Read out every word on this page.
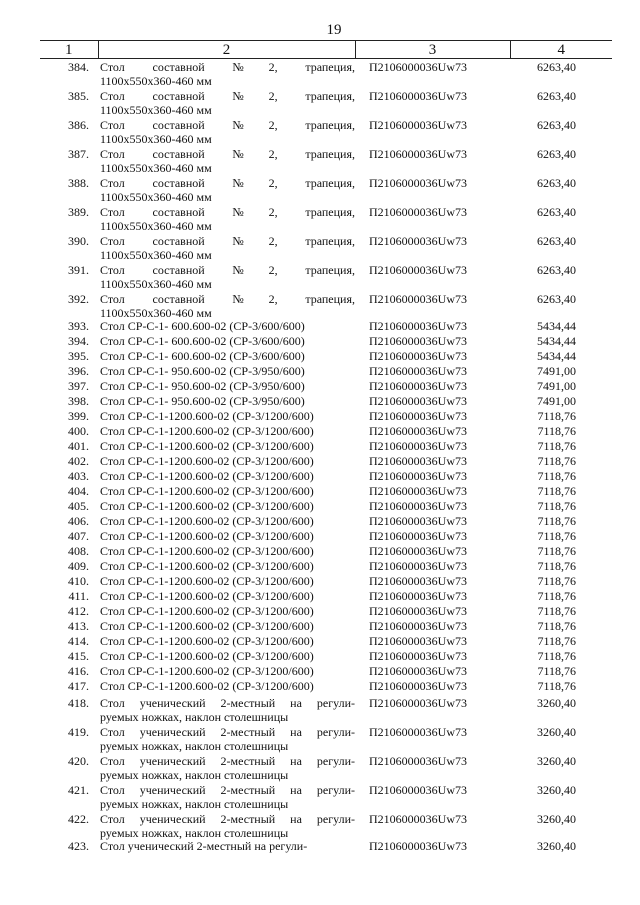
19
1	2	3	4
384.	Стол составной №2, трапеция,
1100x550x360-460 мм	П2106000036Uw73	6263,40
385.	Стол составной №2, трапеция,
1100x550x360-460 мм	П2106000036Uw73	6263,40
386.	Стол составной №2, трапеция,
1100x550x360-460 мм	П2106000036Uw73	6263,40
387.	Стол составной №2, трапеция,
1100x550x360-460 мм	П2106000036Uw73	6263,40
388.	Стол составной №2, трапеция,
1100x550x360-460 мм	П2106000036Uw73	6263,40
389.	Стол составной №2, трапеция,
1100x550x360-460 мм	П2106000036Uw73	6263,40
390.	Стол составной №2, трапеция,
1100x550x360-460 мм	П2106000036Uw73	6263,40
391.	Стол составной №2, трапеция,
1100x550x360-460 мм	П2106000036Uw73	6263,40
392.	Стол составной №2, трапеция,
1100x550x360-460 мм	П2106000036Uw73	6263,40
393.	Стол СР-С-1- 600.600-02 (СР-3/600/600)	П2106000036Uw73	5434,44
394.	Стол СР-С-1- 600.600-02 (СР-3/600/600)	П2106000036Uw73	5434,44
395.	Стол СР-С-1- 600.600-02 (СР-3/600/600)	П2106000036Uw73	5434,44
396.	Стол СР-С-1- 950.600-02 (СР-3/950/600)	П2106000036Uw73	7491,00
397.	Стол СР-С-1- 950.600-02 (СР-3/950/600)	П2106000036Uw73	7491,00
398.	Стол СР-С-1- 950.600-02 (СР-3/950/600)	П2106000036Uw73	7491,00
399.	Стол СР-С-1-1200.600-02 (СР-3/1200/600)	П2106000036Uw73	7118,76
400.	Стол СР-С-1-1200.600-02 (СР-3/1200/600)	П2106000036Uw73	7118,76
401.	Стол СР-С-1-1200.600-02 (СР-3/1200/600)	П2106000036Uw73	7118,76
402.	Стол СР-С-1-1200.600-02 (СР-3/1200/600)	П2106000036Uw73	7118,76
403.	Стол СР-С-1-1200.600-02 (СР-3/1200/600)	П2106000036Uw73	7118,76
404.	Стол СР-С-1-1200.600-02 (СР-3/1200/600)	П2106000036Uw73	7118,76
405.	Стол СР-С-1-1200.600-02 (СР-3/1200/600)	П2106000036Uw73	7118,76
406.	Стол СР-С-1-1200.600-02 (СР-3/1200/600)	П2106000036Uw73	7118,76
407.	Стол СР-С-1-1200.600-02 (СР-3/1200/600)	П2106000036Uw73	7118,76
408.	Стол СР-С-1-1200.600-02 (СР-3/1200/600)	П2106000036Uw73	7118,76
409.	Стол СР-С-1-1200.600-02 (СР-3/1200/600)	П2106000036Uw73	7118,76
410.	Стол СР-С-1-1200.600-02 (СР-3/1200/600)	П2106000036Uw73	7118,76
411.	Стол СР-С-1-1200.600-02 (СР-3/1200/600)	П2106000036Uw73	7118,76
412.	Стол СР-С-1-1200.600-02 (СР-3/1200/600)	П2106000036Uw73	7118,76
413.	Стол СР-С-1-1200.600-02 (СР-3/1200/600)	П2106000036Uw73	7118,76
414.	Стол СР-С-1-1200.600-02 (СР-3/1200/600)	П2106000036Uw73	7118,76
415.	Стол СР-С-1-1200.600-02 (СР-3/1200/600)	П2106000036Uw73	7118,76
416.	Стол СР-С-1-1200.600-02 (СР-3/1200/600)	П2106000036Uw73	7118,76
417.	Стол СР-С-1-1200.600-02 (СР-3/1200/600)	П2106000036Uw73	7118,76
418.	Стол ученический 2-местный на регули-
руемых ножках, наклон столешницы	П2106000036Uw73	3260,40
419.	Стол ученический 2-местный на регули-
руемых ножках, наклон столешницы	П2106000036Uw73	3260,40
420.	Стол ученический 2-местный на регули-
руемых ножках, наклон столешницы	П2106000036Uw73	3260,40
421.	Стол ученический 2-местный на регули-
руемых ножках, наклон столешницы	П2106000036Uw73	3260,40
422.	Стол ученический 2-местный на регули-
руемых ножках, наклон столешницы	П2106000036Uw73	3260,40
423.	Стол ученический 2-местный на регули-	П2106000036Uw73	3260,40
